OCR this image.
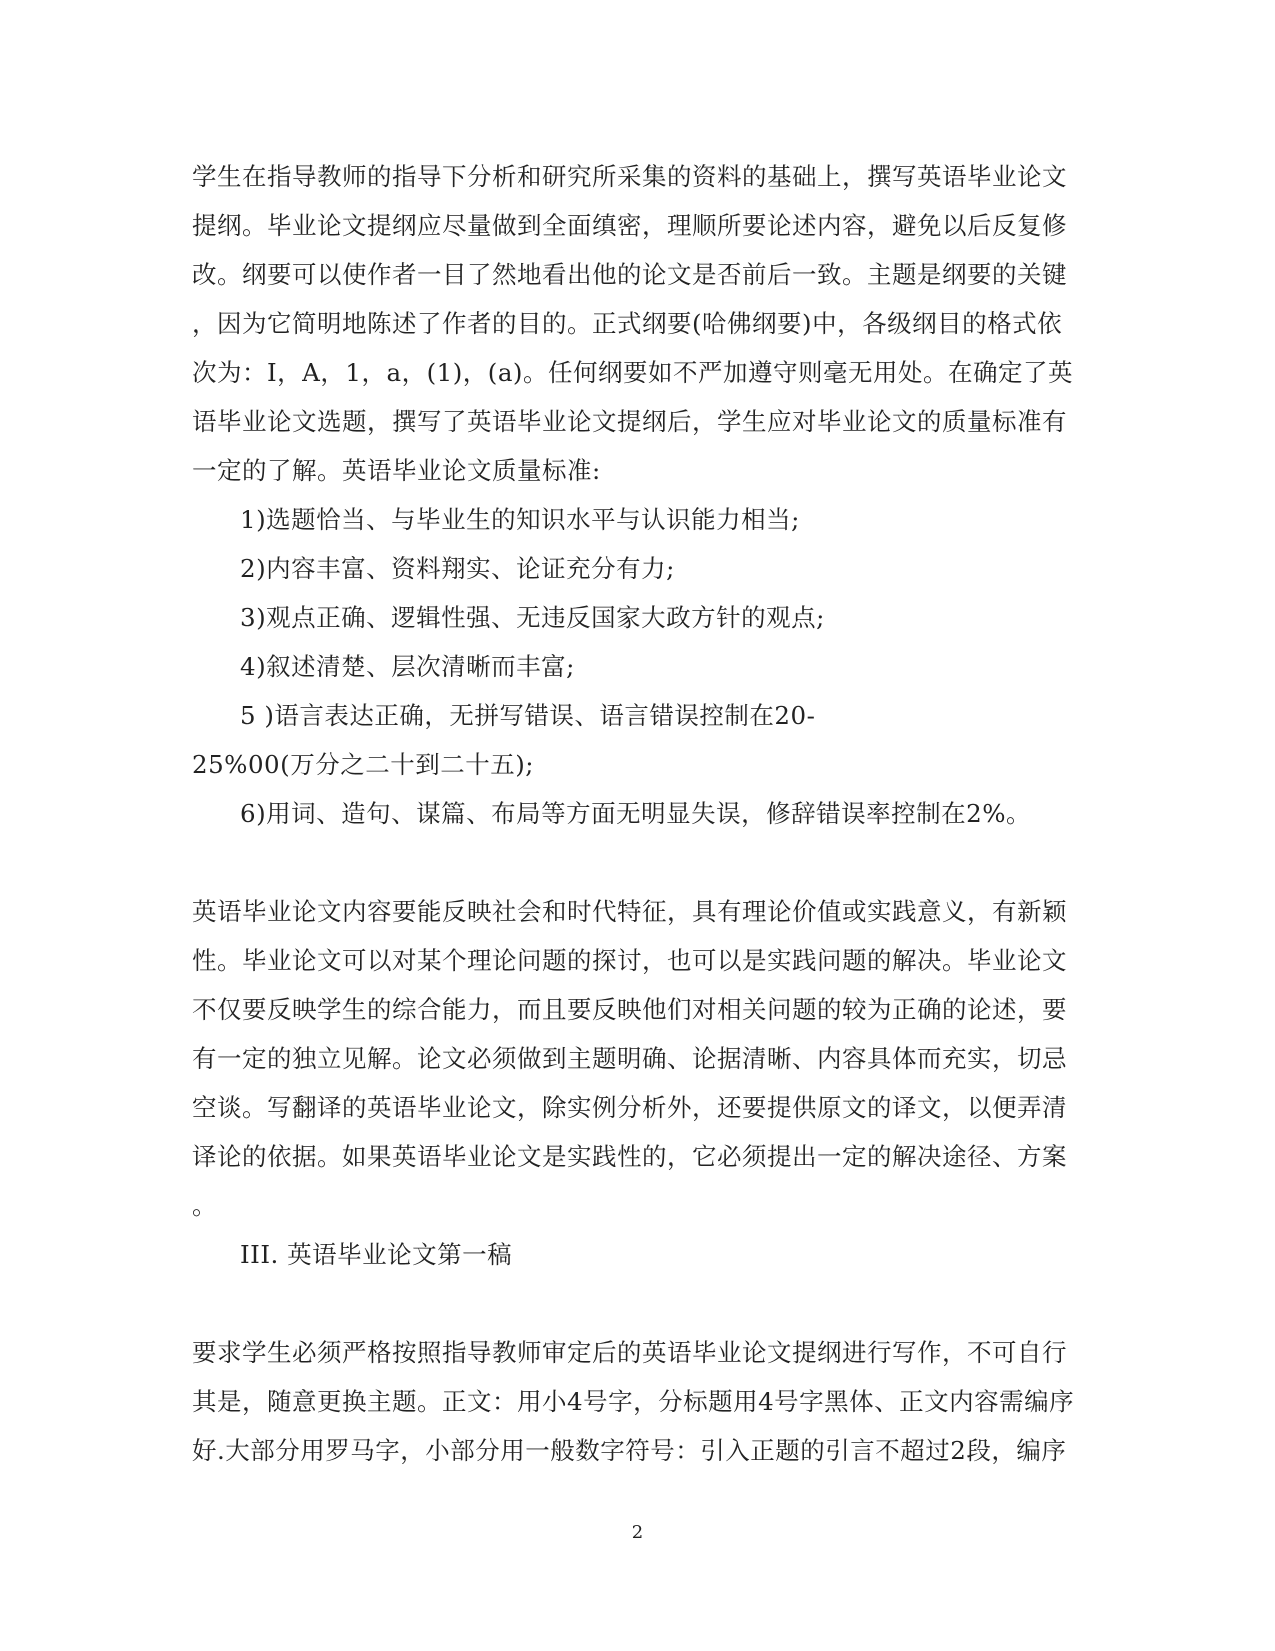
学生在指导教师的指导下分析和研究所采集的资料的基础上，撰写英语毕业论文
提纲。毕业论文提纲应尽量做到全面缜密，理顺所要论述内容，避免以后反复修
改。纲要可以使作者一目了然地看出他的论文是否前后一致。主题是纲要的关键
，因为它简明地陈述了作者的目的。正式纲要(哈佛纲要)中，各级纲目的格式依
次为：I，A，1，a，(1)，(a)。任何纲要如不严加遵守则毫无用处。在确定了英
语毕业论文选题，撰写了英语毕业论文提纲后，学生应对毕业论文的质量标准有
一定的了解。英语毕业论文质量标准:
1)选题恰当、与毕业生的知识水平与认识能力相当;
2)内容丰富、资料翔实、论证充分有力;
3)观点正确、逻辑性强、无违反国家大政方针的观点;
4)叙述清楚、层次清晰而丰富;
5 )语言表达正确，无拼写错误、语言错误控制在20-
25%00(万分之二十到二十五);
6)用词、造句、谋篇、布局等方面无明显失误，修辞错误率控制在2%。
英语毕业论文内容要能反映社会和时代特征，具有理论价值或实践意义，有新颖
性。毕业论文可以对某个理论问题的探讨，也可以是实践问题的解决。毕业论文
不仅要反映学生的综合能力，而且要反映他们对相关问题的较为正确的论述，要
有一定的独立见解。论文必须做到主题明确、论据清晰、内容具体而充实，切忌
空谈。写翻译的英语毕业论文，除实例分析外，还要提供原文的译文，以便弄清
译论的依据。如果英语毕业论文是实践性的，它必须提出一定的解决途径、方案
。
III. 英语毕业论文第一稿
要求学生必须严格按照指导教师审定后的英语毕业论文提纲进行写作，不可自行
其是，随意更换主题。正文：用小4号字，分标题用4号字黑体、正文内容需编序
好.大部分用罗马字，小部分用一般数字符号：引入正题的引言不超过2段，编序
2
